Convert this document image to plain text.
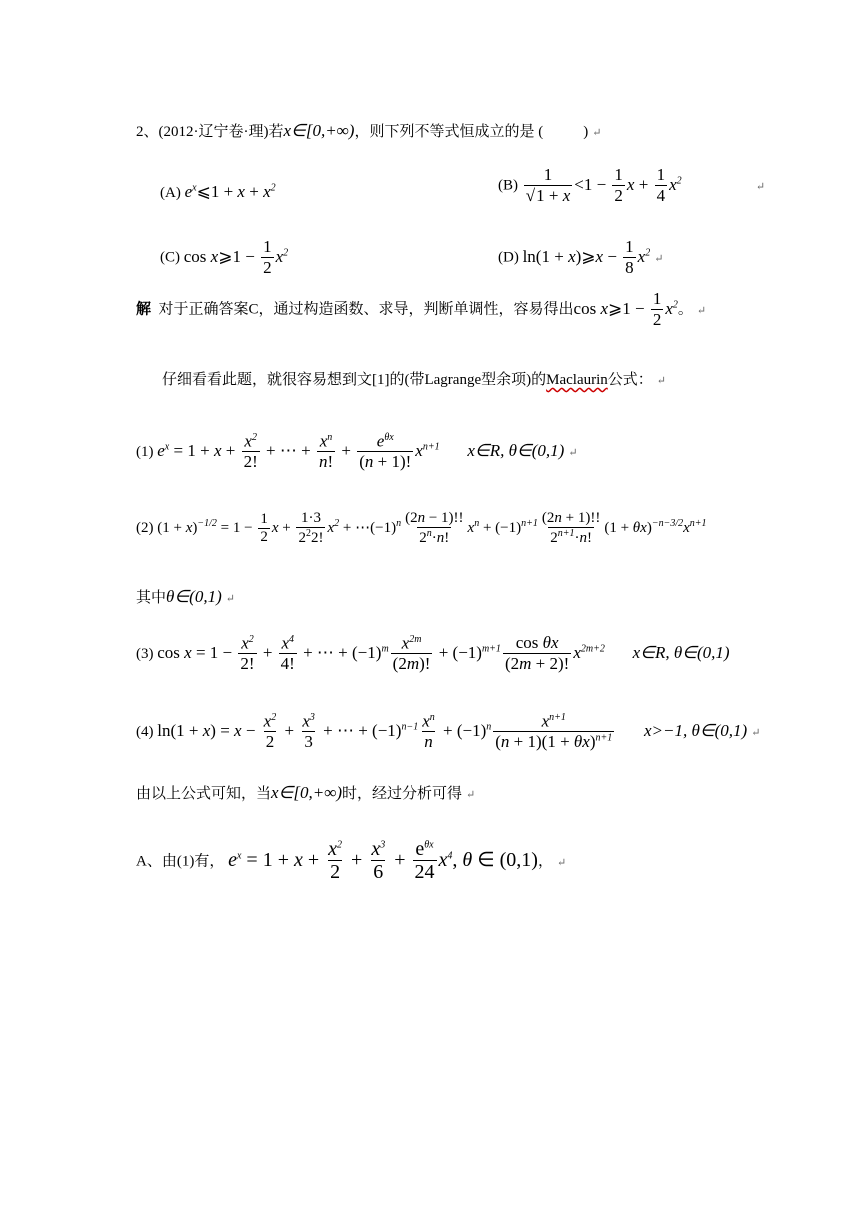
2、(2012·辽宁卷·理)若x∈[0,+∞)，则下列不等式恒成立的是 (	) ↵
(A) $e^x⩽1 + x + x^2$	$(B) \frac{1}{√1 + x} <1 - \frac{1}{2}$ $x + \frac{1}{4} x^2$ ↵
(C) cos x⩾1 − $\frac{1}{2} x^2$	(D) ln(1 + x)⩾x − $\frac{1}{8}$ $x^2↵$
解 对于正确答案C，通过构造函数、求导，判断单调性，容易得出cos x⩾1 − $\frac{1}{2} x^2$。 ↵
仔细看看此题，就很容易想到文[1]的(带Lagrange型余项)的Maclaurin公式： ↵
(1) $e^x = 1 + x + \frac{x^2}{2!}$ + ⋯ + $\frac{x^n}{n!} + \frac{e^{\theta x}}{(n + 1)!} x^{n+1}$ x∈R, θ∈(0,1) ↵
(2) $(1 + x)^{-1/2} = 1 - \frac{1}{2}$ $x + \frac{1\cdot 3}{2^22!} x^2$ + $\cdots(-1)^n \frac{(2n - 1)!!}{2^n\cdot n!} x^n + (-1)^{n+1} \frac{(2n + 1)!!}{2^{n+1}\cdot n!} (1 + \theta x)^{-n-3/2}x^{n+1}$
其中θ∈(0,1) ↵
(3) $\cos x = 1 - \frac{x^2}{2!} + \frac{x^4}{4!}$ + ⋯ + $(-1)^m \frac{x^{2m}}{(2m)!} + (-1)^{m+1} \frac{\text{cos θx}}{(2m + 2)!} x^{2m+2}$ x∈R, θ∈(0,1)
(4) $\ln(1 + x) = x - \frac{x^2}{2} + \frac{x^3}{3}$ + ⋯ + $(-1)^{n-1} \frac{x^n}{n} + (-1)^n \frac{x^{n+1}}{(n + 1)(1 + \theta x)^{n+1}} x>-1$, θ∈(0,1) ↵
由以上公式可知，当x∈[0,+∞)时，经过分析可得 ↵
A、由(1)有， $e^x = 1 + x + \frac{x^2}{2} + \frac{x^3}{6} + \frac{e^{\theta x}}{24} x^4$, θ ∈ (0,1)， ↵
